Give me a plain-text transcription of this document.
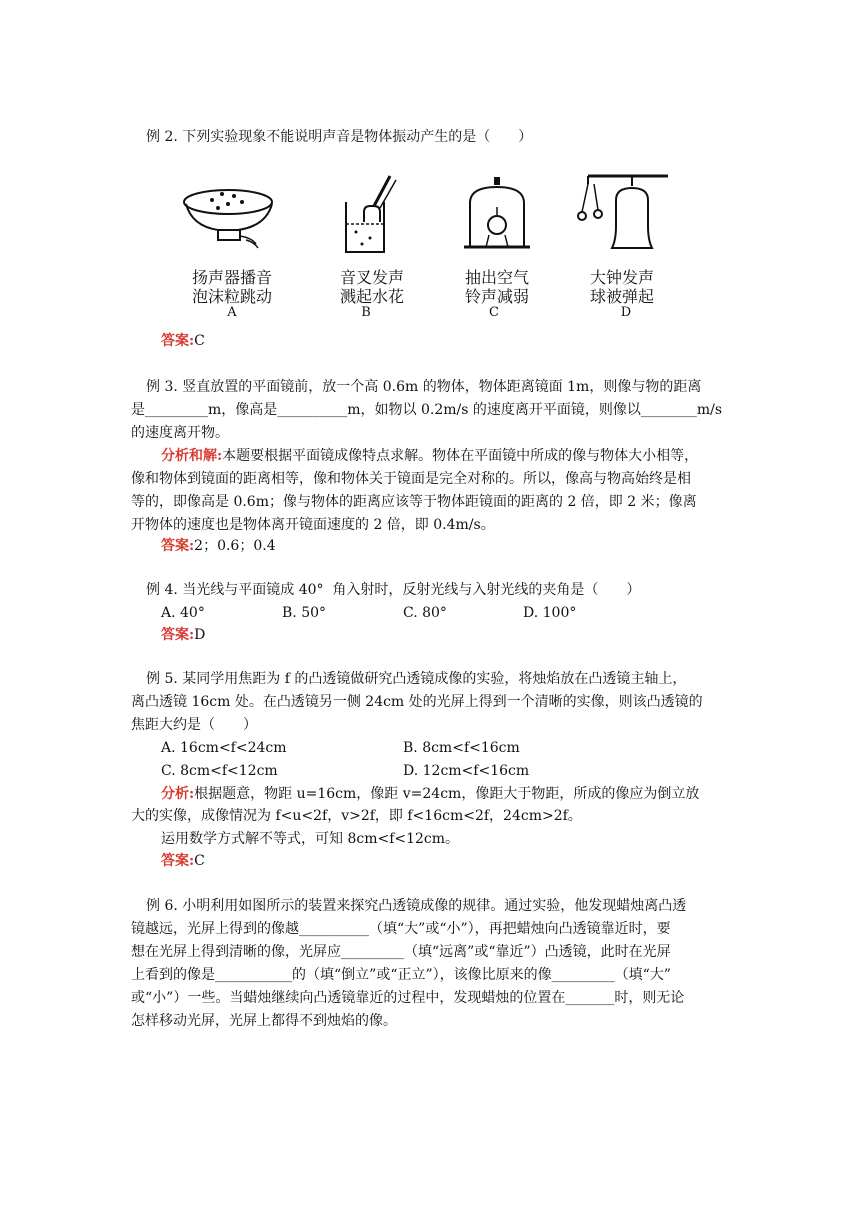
例 2. 下列实验现象不能说明声音是物体振动产生的是（　　）
扬声器播音
泡沫粒跳动
A
音叉发声
溅起水花
B
抽出空气
铃声减弱
C
大钟发声
球被弹起
D
答案:C
例 3. 竖直放置的平面镜前，放一个高 0.6m 的物体，物体距离镜面 1m，则像与物的距离
是_________m，像高是__________m，如物以 0.2m/s 的速度离开平面镜，则像以________m/s
的速度离开物。
分析和解:本题要根据平面镜成像特点求解。物体在平面镜中所成的像与物体大小相等，
像和物体到镜面的距离相等，像和物体关于镜面是完全对称的。所以，像高与物高始终是相
等的，即像高是 0.6m；像与物体的距离应该等于物体距镜面的距离的 2 倍，即 2 米；像离
开物体的速度也是物体离开镜面速度的 2 倍，即 0.4m/s。
答案:2；0.6；0.4
例 4. 当光线与平面镜成 40°  角入射时，反射光线与入射光线的夹角是（　　）
A. 40°	B. 50°	C. 80°	D. 100°
答案:D
例 5. 某同学用焦距为 f 的凸透镜做研究凸透镜成像的实验，将烛焰放在凸透镜主轴上，
离凸透镜 16cm 处。在凸透镜另一侧 24cm 处的光屏上得到一个清晰的实像，则该凸透镜的
焦距大约是（　　）
A. 16cm<f<24cm	B. 8cm<f<16cm
C. 8cm<f<12cm	D. 12cm<f<16cm
分析:根据题意，物距 u=16cm，像距 v=24cm，像距大于物距，所成的像应为倒立放
大的实像，成像情况为 f<u<2f，v>2f，即 f<16cm<2f，24cm>2f。
运用数学方式解不等式，可知 8cm<f<12cm。
答案:C
例 6. 小明利用如图所示的装置来探究凸透镜成像的规律。通过实验，他发现蜡烛离凸透
镜越远，光屏上得到的像越__________（填“大”或“小”），再把蜡烛向凸透镜靠近时，要
想在光屏上得到清晰的像，光屏应_________（填“远离”或“靠近”）凸透镜，此时在光屏
上看到的像是___________的（填“倒立”或“正立”），该像比原来的像_________（填“大”
或“小”）一些。当蜡烛继续向凸透镜靠近的过程中，发现蜡烛的位置在_______时，则无论
怎样移动光屏，光屏上都得不到烛焰的像。
